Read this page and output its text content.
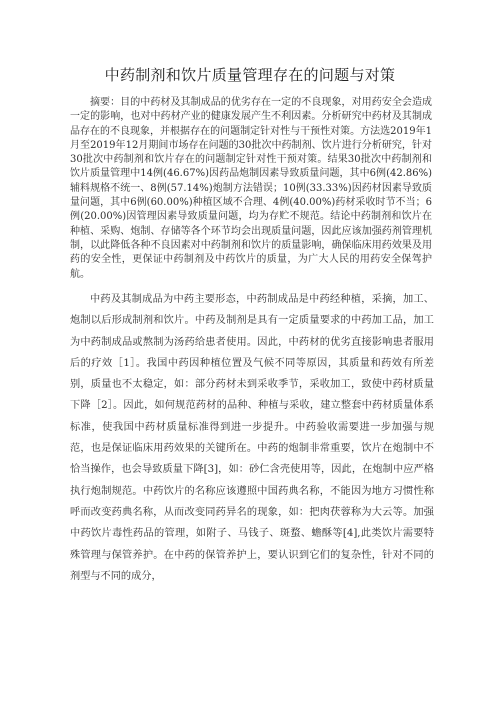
中药制剂和饮片质量管理存在的问题与对策
摘要：目的中药材及其制成品的优劣存在一定的不良现象，对用药安全会造成一定的影响，也对中药材产业的健康发展产生不利因素。分析研究中药材及其制成品存在的不良现象，并根据存在的问题制定针对性与干预性对策。方法选2019年1月至2019年12月期间市场存在问题的30批次中药制剂、饮片进行分析研究，针对30批次中药制剂和饮片存在的问题制定针对性干预对策。结果30批次中药制剂和饮片质量管理中14例(46.67%)因药品炮制因素导致质量问题，其中6例(42.86%)辅料规格不统一、8例(57.14%)炮制方法错误；10例(33.33%)因药材因素导致质量问题，其中6例(60.00%)种植区域不合理、4例(40.00%)药材采收时节不当；6例(20.00%)因管理因素导致质量问题，均为存贮不规范。结论中药制剂和饮片在种植、采购、炮制、存储等各个环节均会出现质量问题，因此应该加强药剂管理机制，以此降低各种不良因素对中药制剂和饮片的质量影响，确保临床用药效果及用药的安全性，更保证中药制剂及中药饮片的质量，为广大人民的用药安全保驾护航。

中药及其制成品为中药主要形态，中药制成品是中药经种植，采摘，加工、炮制以后形成制剂和饮片。中药及制剂是具有一定质量要求的中药加工品，加工为中药制成品或熬制为汤药给患者使用。因此，中药材的优劣直接影响患者服用后的疗效［1］。我国中药因种植位置及气候不同等原因，其质量和药效有所差别，质量也不太稳定，如：部分药材未到采收季节，采收加工，致使中药材质量下降［2］。因此，如何规范药材的品种、种植与采收，建立整套中药材质量体系标准，使我国中药材质量标准得到进一步提升。中药验收需要进一步加强与规范，也是保证临床用药效果的关键所在。中药的炮制非常重要，饮片在炮制中不恰当操作，也会导致质量下降[3]，如：砂仁含壳使用等，因此，在炮制中应严格执行炮制规范。中药饮片的名称应该遵照中国药典名称，不能因为地方习惯性称呼而改变药典名称，从而改变同药异名的现象，如：把肉茯蓉称为大云等。加强中药饮片毒性药品的管理，如附子、马钱子、斑蝥、蟾酥等[4],此类饮片需要特殊管理与保管养护。在中药的保管养护上，要认识到它们的复杂性，针对不同的剂型与不同的成分，
